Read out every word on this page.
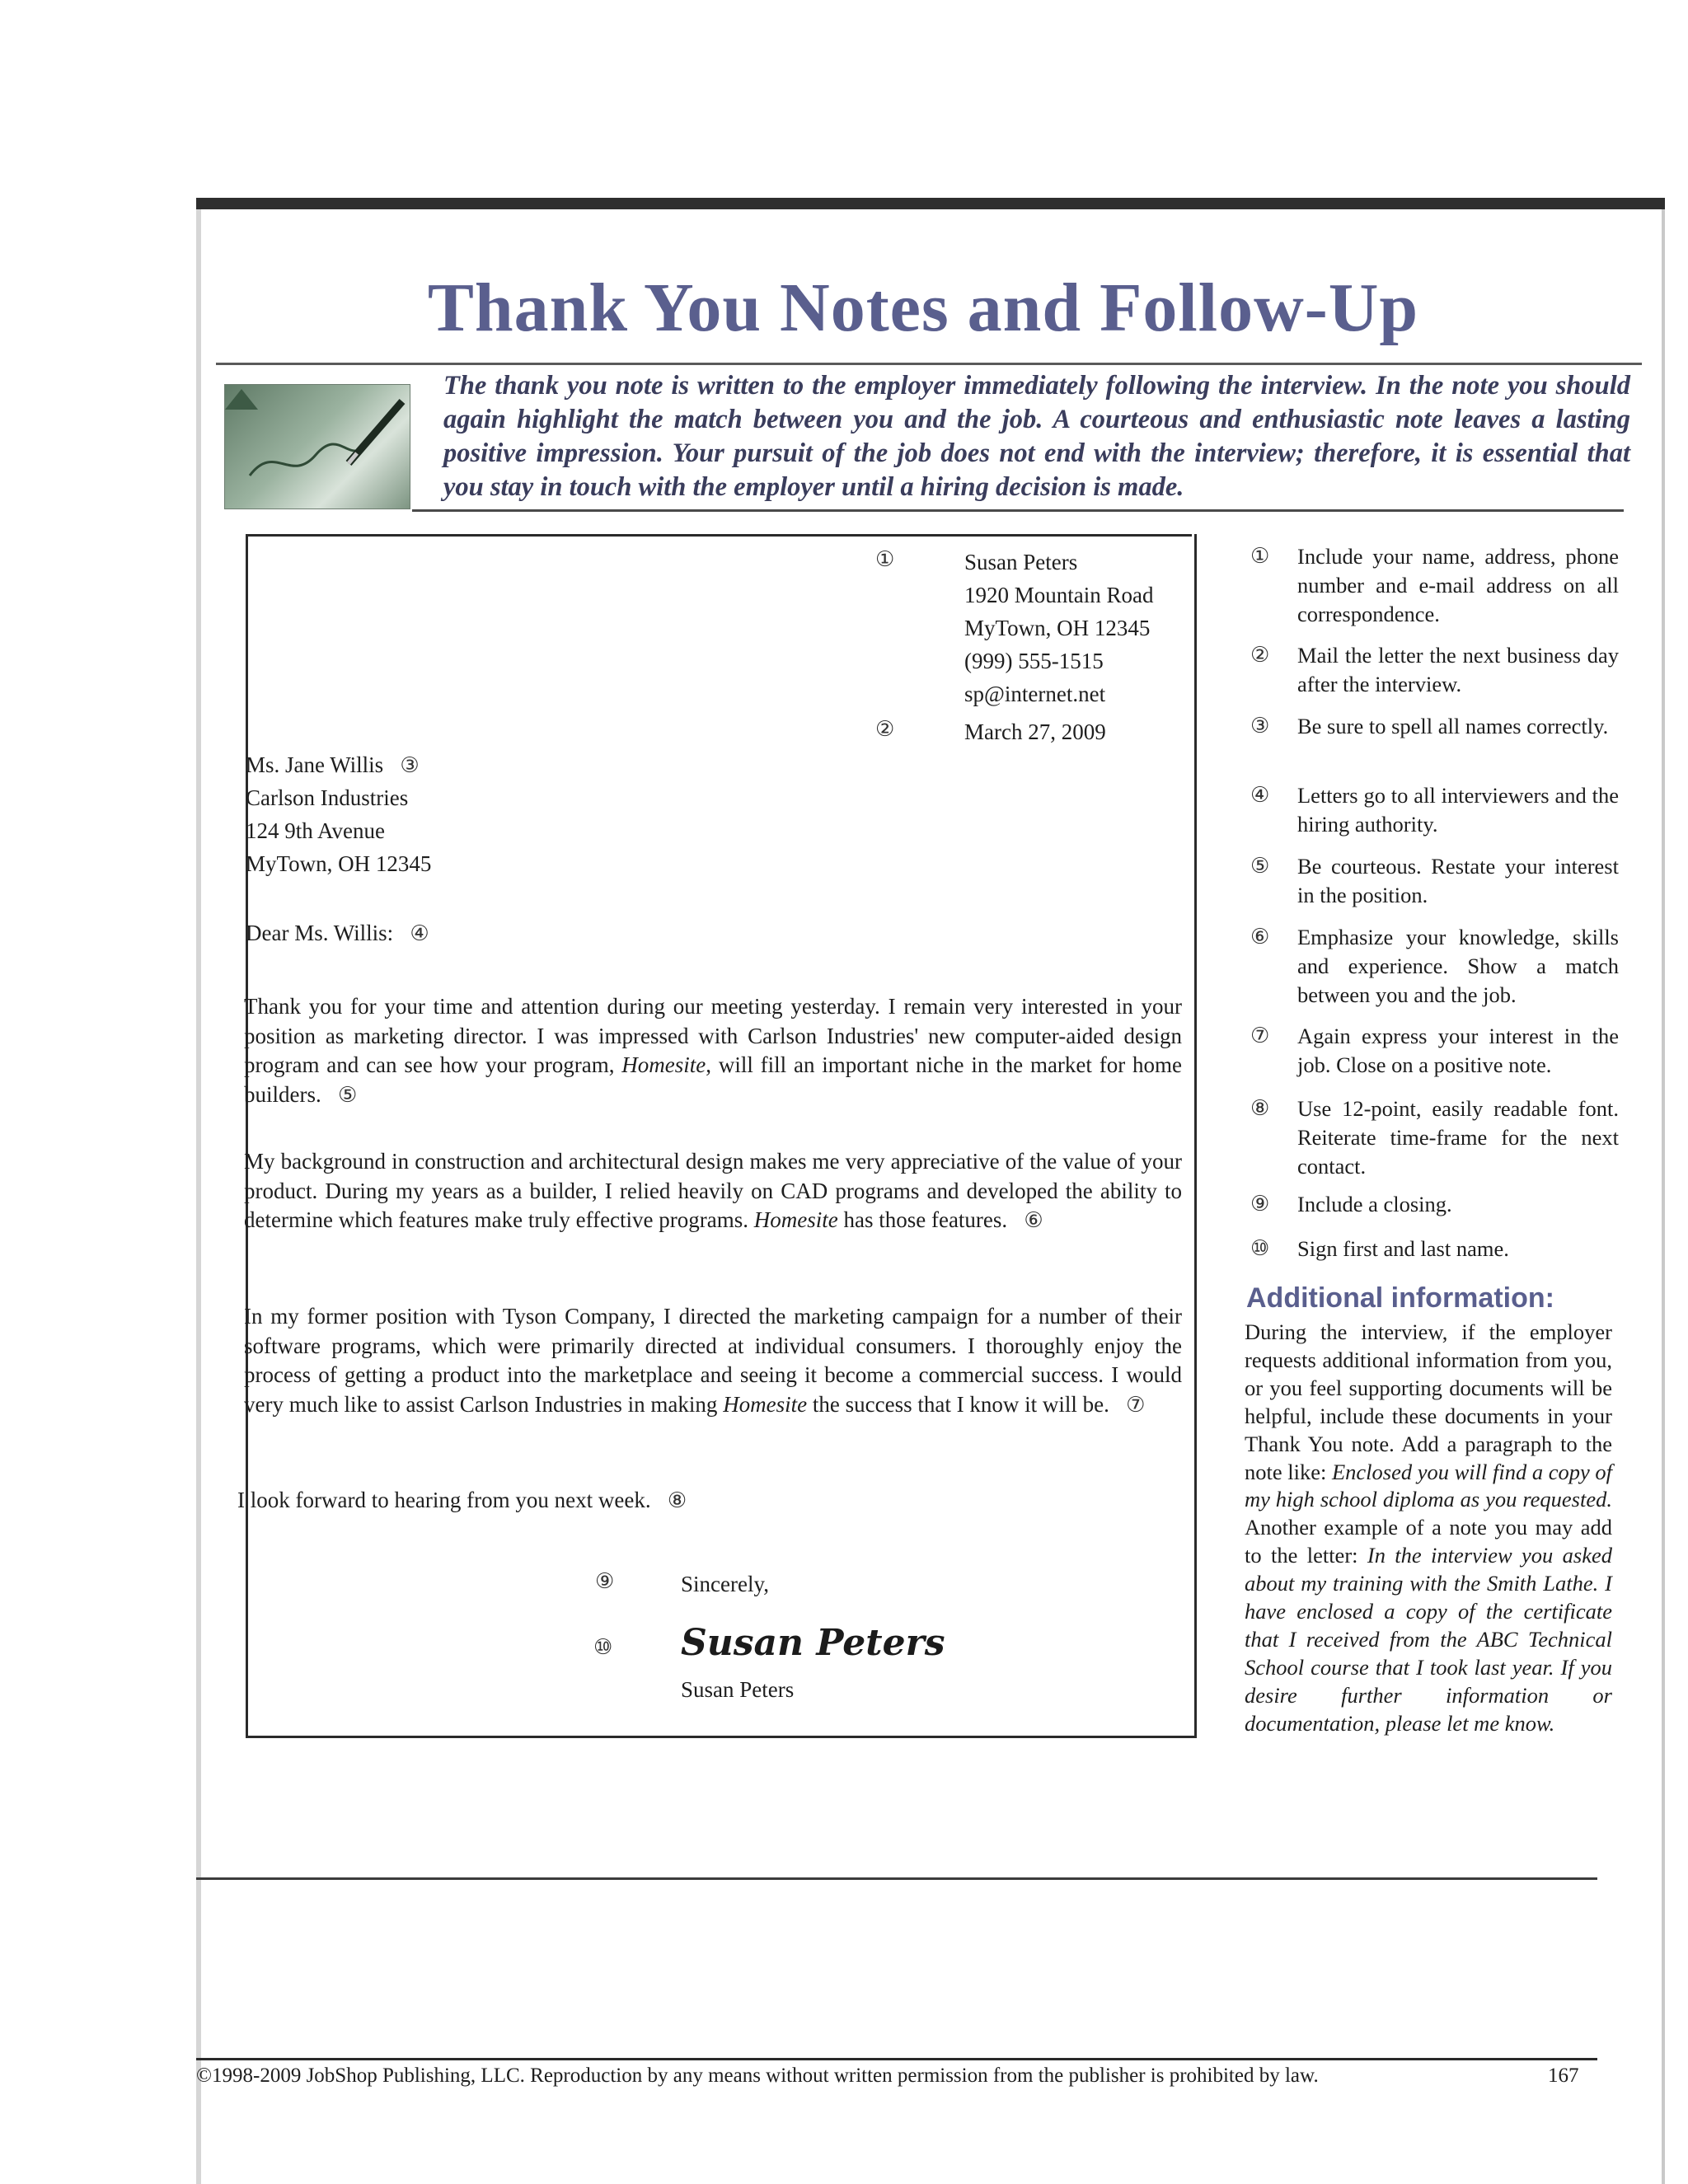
Thank You Notes and Follow-Up
The thank you note is written to the employer immediately following the interview. In the note you should again highlight the match between you and the job. A courteous and enthusiastic note leaves a lasting positive impression. Your pursuit of the job does not end with the interview; therefore, it is essential that you stay in touch with the employer until a hiring decision is made.
①	Susan Peters
1920 Mountain Road
MyTown, OH 12345
(999) 555-1515
sp@internet.net
②	March 27, 2009
Ms. Jane Willis ③
Carlson Industries
124 9th Avenue
MyTown, OH 12345
Dear Ms. Willis: ④
Thank you for your time and attention during our meeting yesterday. I remain very interested in your position as marketing director. I was impressed with Carlson Industries' new computer-aided design program and can see how your program, Homesite, will fill an important niche in the market for home builders. ⑤
My background in construction and architectural design makes me very appreciative of the value of your product. During my years as a builder, I relied heavily on CAD programs and developed the ability to determine which features make truly effective programs. Homesite has those features. ⑥
In my former position with Tyson Company, I directed the marketing campaign for a number of their software programs, which were primarily directed at individual consumers. I thoroughly enjoy the process of getting a product into the marketplace and seeing it become a commercial success. I would very much like to assist Carlson Industries in making Homesite the success that I know it will be. ⑦
I look forward to hearing from you next week. ⑧
⑨	Sincerely,
⑩ Susan Peters
Susan Peters
① Include your name, address, phone number and e-mail address on all correspondence.
② Mail the letter the next business day after the interview.
③ Be sure to spell all names correctly.
④ Letters go to all interviewers and the hiring authority.
⑤ Be courteous. Restate your interest in the position.
⑥ Emphasize your knowledge, skills and experience. Show a match between you and the job.
⑦ Again express your interest in the job. Close on a positive note.
⑧ Use 12-point, easily readable font. Reiterate time-frame for the next contact.
⑨ Include a closing.
⑩ Sign first and last name.
Additional information:
During the interview, if the employer requests additional information from you, or you feel supporting documents will be helpful, include these documents in your Thank You note. Add a paragraph to the note like: Enclosed you will find a copy of my high school diploma as you requested. Another example of a note you may add to the letter: In the interview you asked about my training with the Smith Lathe. I have enclosed a copy of the certificate that I received from the ABC Technical School course that I took last year. If you desire further information or documentation, please let me know.
©1998-2009 JobShop Publishing, LLC. Reproduction by any means without written permission from the publisher is prohibited by law.	167
